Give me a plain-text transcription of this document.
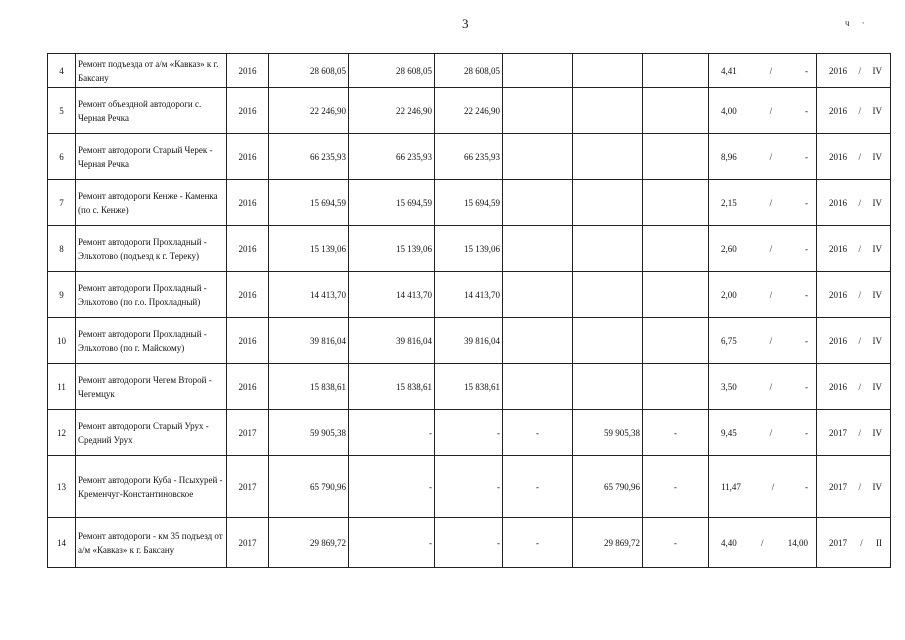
3	ч ·
4	Ремонт подъезда от а/м «Кавказ» к г. Баксану	2016	28 608,05	28 608,05	28 608,05				4,41 / -	2016 / IV

5	Ремонт объездной автодороги с. Черная Речка	2016	22 246,90	22 246,90	22 246,90				4,00 / -	2016 / IV

6	Ремонт автодороги Старый Черек - Черная Речка	2016	66 235,93	66 235,93	66 235,93				8,96 / -	2016 / IV

7	Ремонт автодороги Кенже - Каменка (по с. Кенже)	2016	15 694,59	15 694,59	15 694,59				2,15 / -	2016 / IV

8	Ремонт автодороги Прохладный - Эльхотово (подъезд к г. Тереку)	2016	15 139,06	15 139,06	15 139,06				2,60 / -	2016 / IV

9	Ремонт автодороги Прохладный - Эльхотово (по г.о. Прохладный)	2016	14 413,70	14 413,70	14 413,70				2,00 / -	2016 / IV

10	Ремонт автодороги Прохладный - Эльхотово (по г. Майскому)	2016	39 816,04	39 816,04	39 816,04				6,75 / -	2016 / IV

11	Ремонт автодороги Чегем Второй - Чегемцук	2016	15 838,61	15 838,61	15 838,61				3,50 / -	2016 / IV

12	Ремонт автодороги Старый Урух - Средний Урух	2017	59 905,38	-	-	-	59 905,38	-	9,45 / -	2017 / IV

13	Ремонт автодороги Куба - Псыхурей - Кременчуг-Константиновское	2017	65 790,96	-	-	-	65 790,96	-	11,47 / -	2017 / IV

14	Ремонт автодороги - км 35 подъезд от а/м «Кавказ» к г. Баксану	2017	29 869,72	-	-	-	29 869,72	-	4,40 / 14,00	2017 / II
